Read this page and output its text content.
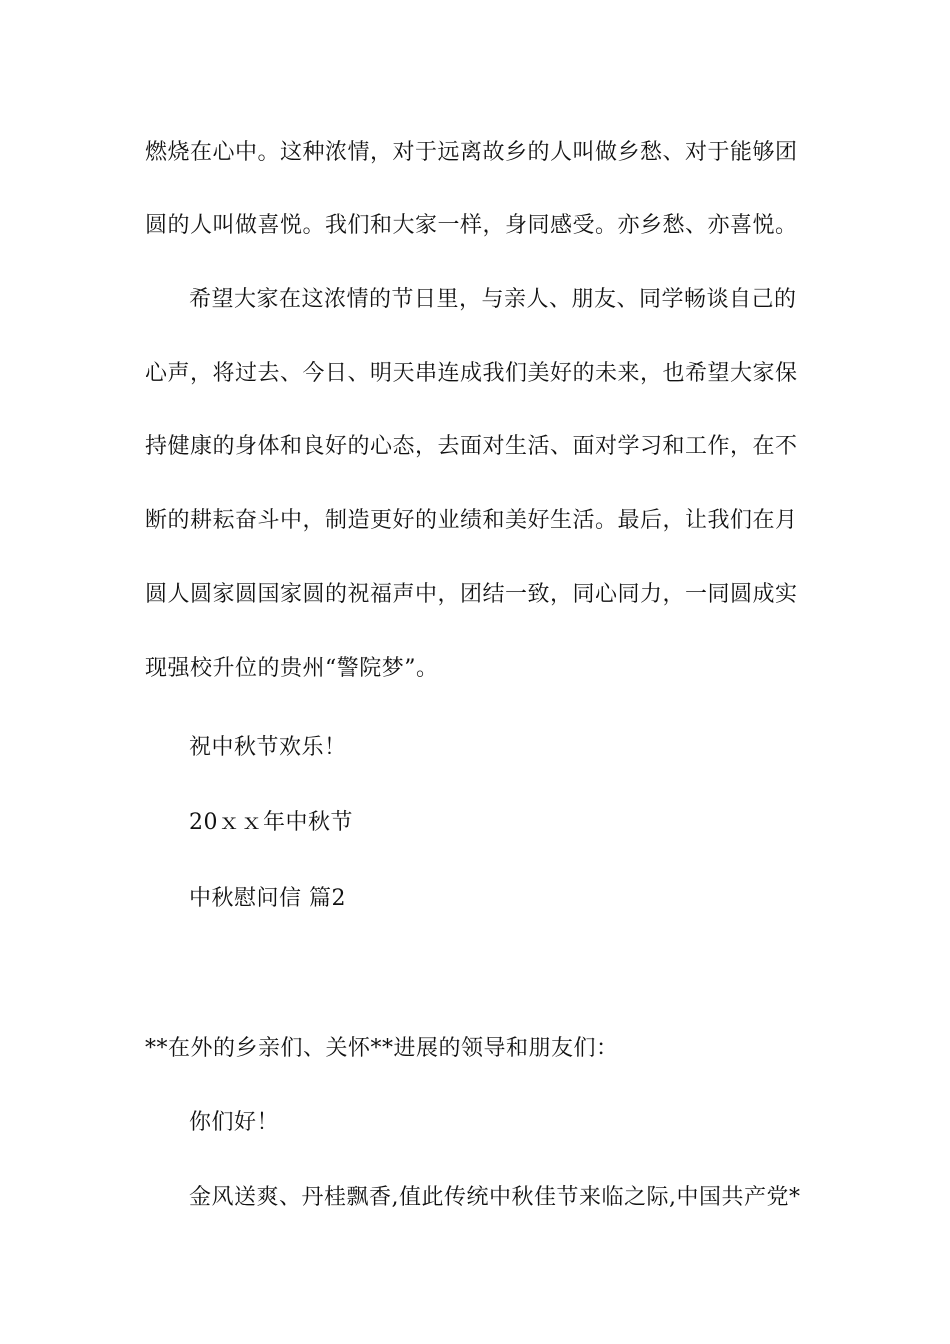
燃烧在心中。这种浓情，对于远离故乡的人叫做乡愁、对于能够团
圆的人叫做喜悦。我们和大家一样，身同感受。亦乡愁、亦喜悦。
希望大家在这浓情的节日里，与亲人、朋友、同学畅谈自己的
心声，将过去、今日、明天串连成我们美好的未来，也希望大家保
持健康的身体和良好的心态，去面对生活、面对学习和工作，在不
断的耕耘奋斗中，制造更好的业绩和美好生活。最后，让我们在月
圆人圆家圆国家圆的祝福声中，团结一致，同心同力，一同圆成实
现强校升位的贵州“警院梦”。
祝中秋节欢乐！
20ｘｘ年中秋节
中秋慰问信 篇2
**在外的乡亲们、关怀**进展的领导和朋友们：
你们好！
金风送爽、丹桂飘香,值此传统中秋佳节来临之际,中国共产党*
